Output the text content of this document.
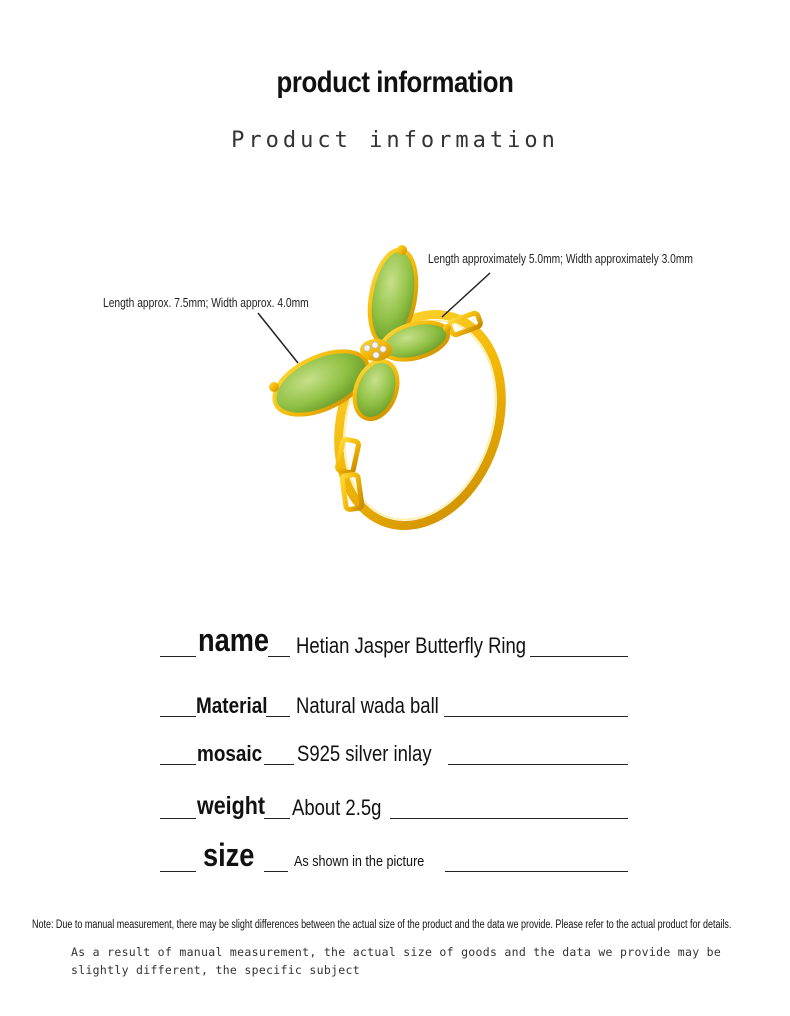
product information
Product information
Length approx. 7.5mm; Width approx. 4.0mm
Length approximately 5.0mm; Width approximately 3.0mm
name Hetian Jasper Butterfly Ring
Material Natural wada ball
mosaic S925 silver inlay
weight About 2.5g
size	As shown in the picture
Note: Due to manual measurement, there may be slight differences between the actual size of the product and the data we provide. Please refer to the actual product for details.
As a result of manual measurement, the actual size of goods and the data we provide may be slightly different, the specific subject
